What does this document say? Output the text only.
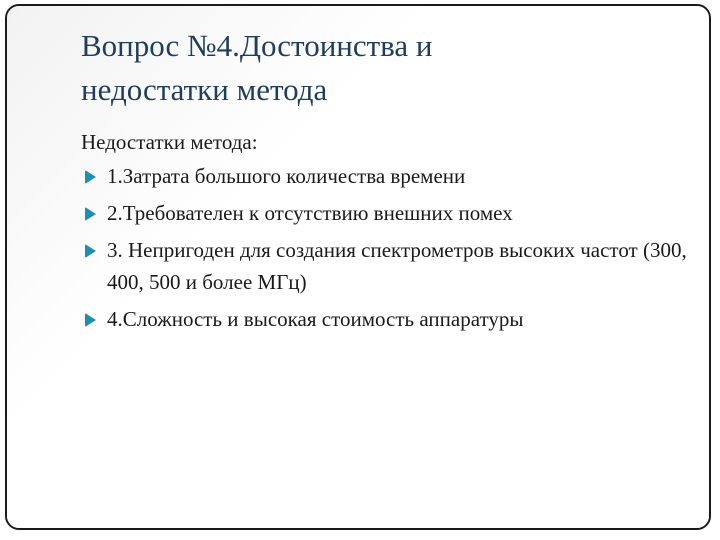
Вопрос №4.Достоинства и
недостатки метода
Недостатки метода:
1.Затрата большого количества времени
2.Требователен к отсутствию внешних помех
3. Непригоден для создания спектрометров высоких частот (300, 400, 500 и более МГц)
4.Сложность и высокая стоимость аппаратуры
